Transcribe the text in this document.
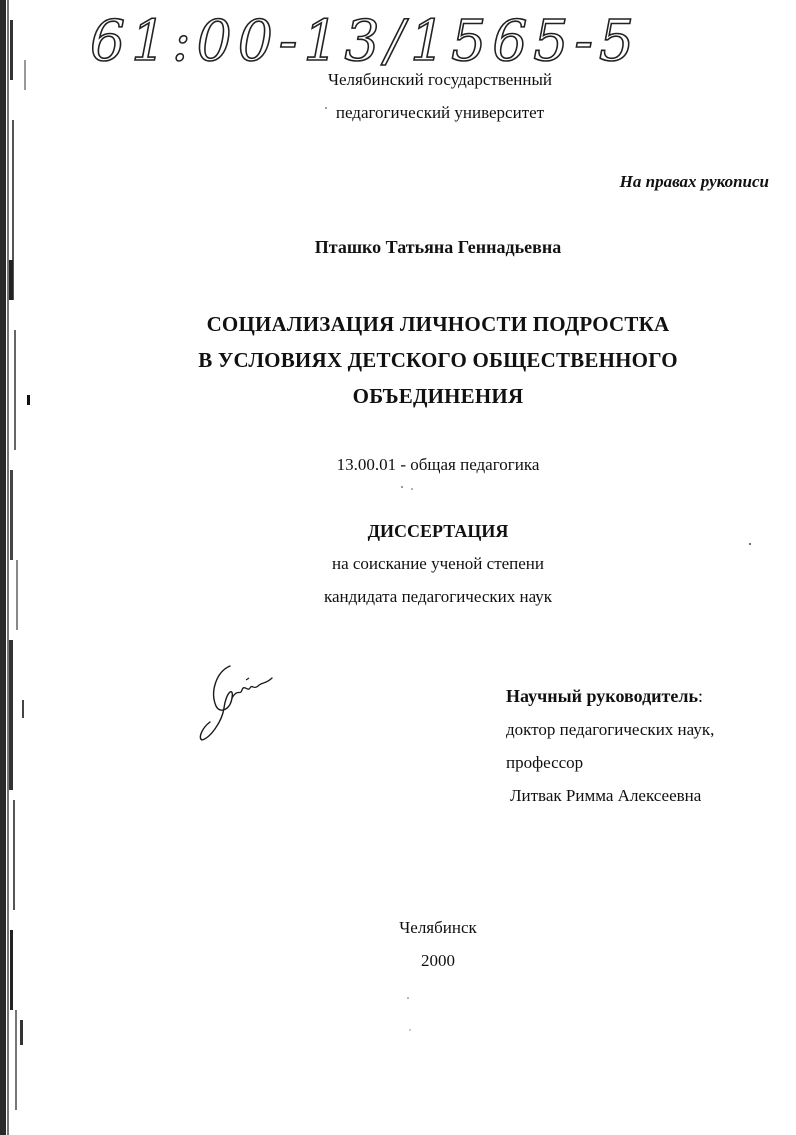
61:00-13/1565-5
Челябинский государственный
педагогический университет
На правах рукописи
Пташко Татьяна Геннадьевна
СОЦИАЛИЗАЦИЯ ЛИЧНОСТИ ПОДРОСТКА
В УСЛОВИЯХ ДЕТСКОГО ОБЩЕСТВЕННОГО
ОБЪЕДИНЕНИЯ
13.00.01 - общая педагогика
ДИССЕРТАЦИЯ
на соискание ученой степени
кандидата педагогических наук
Научный руководитель:
доктор педагогических наук,
профессор
Литвак Римма Алексеевна
Челябинск
2000
